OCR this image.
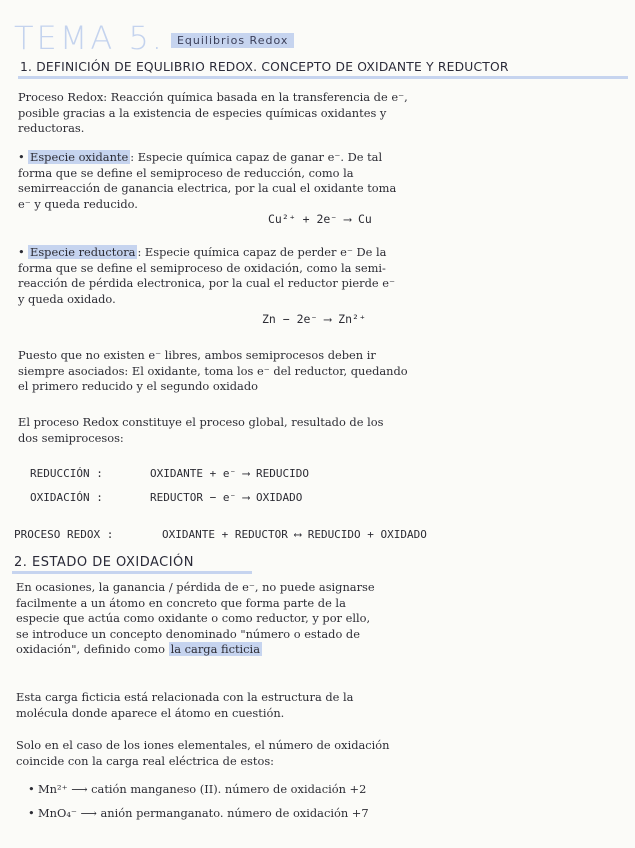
TEMA 5.	Equilibrios Redox
1. DEFINICIÓN DE EQULIBRIO REDOX. CONCEPTO DE OXIDANTE Y REDUCTOR
Proceso Redox: Reacción química basada en la transferencia de e⁻,
posible gracias a la existencia de especies químicas oxidantes y
reductoras.
• Especie oxidante : Especie química capaz de ganar e⁻. De tal
forma que se define el semiproceso de reducción, como la
semirreacción de ganancia electrica, por la cual el oxidante toma
e⁻ y queda reducido.
Cu²⁺ + 2e⁻ ⟶ Cu
• Especie reductora : Especie química capaz de perder e⁻ De la
forma que se define el semiproceso de oxidación, como la semi-
reacción de pérdida electronica, por la cual el reductor pierde e⁻
y queda oxidado.
Zn − 2e⁻ ⟶ Zn²⁺
Puesto que no existen e⁻ libres, ambos semiprocesos deben ir
siempre asociados: El oxidante, toma los e⁻ del reductor, quedando
el primero reducido y el segundo oxidado
El proceso Redox constituye el proceso global, resultado de los
dos semiprocesos:
REDUCCIÓN :	OXIDANTE + e⁻ ⟶ REDUCIDO
OXIDACIÓN :	REDUCTOR − e⁻ ⟶ OXIDADO
PROCESO REDOX :	OXIDANTE + REDUCTOR ⟷ REDUCIDO + OXIDADO
2. ESTADO DE OXIDACIÓN
En ocasiones, la ganancia / pérdida de e⁻, no puede asignarse
facilmente a un átomo en concreto que forma parte de la
especie que actúa como oxidante o como reductor, y por ello,
se introduce un concepto denominado "número o estado de
oxidación", definido como la carga ficticia
Esta carga ficticia está relacionada con la estructura de la
molécula donde aparece el átomo en cuestión.
Solo en el caso de los iones elementales, el número de oxidación
coincide con la carga real eléctrica de estos:
• Mn²⁺ ⟶ catión manganeso (II). número de oxidación +2
• MnO₄⁻ ⟶ anión permanganato. número de oxidación +7
